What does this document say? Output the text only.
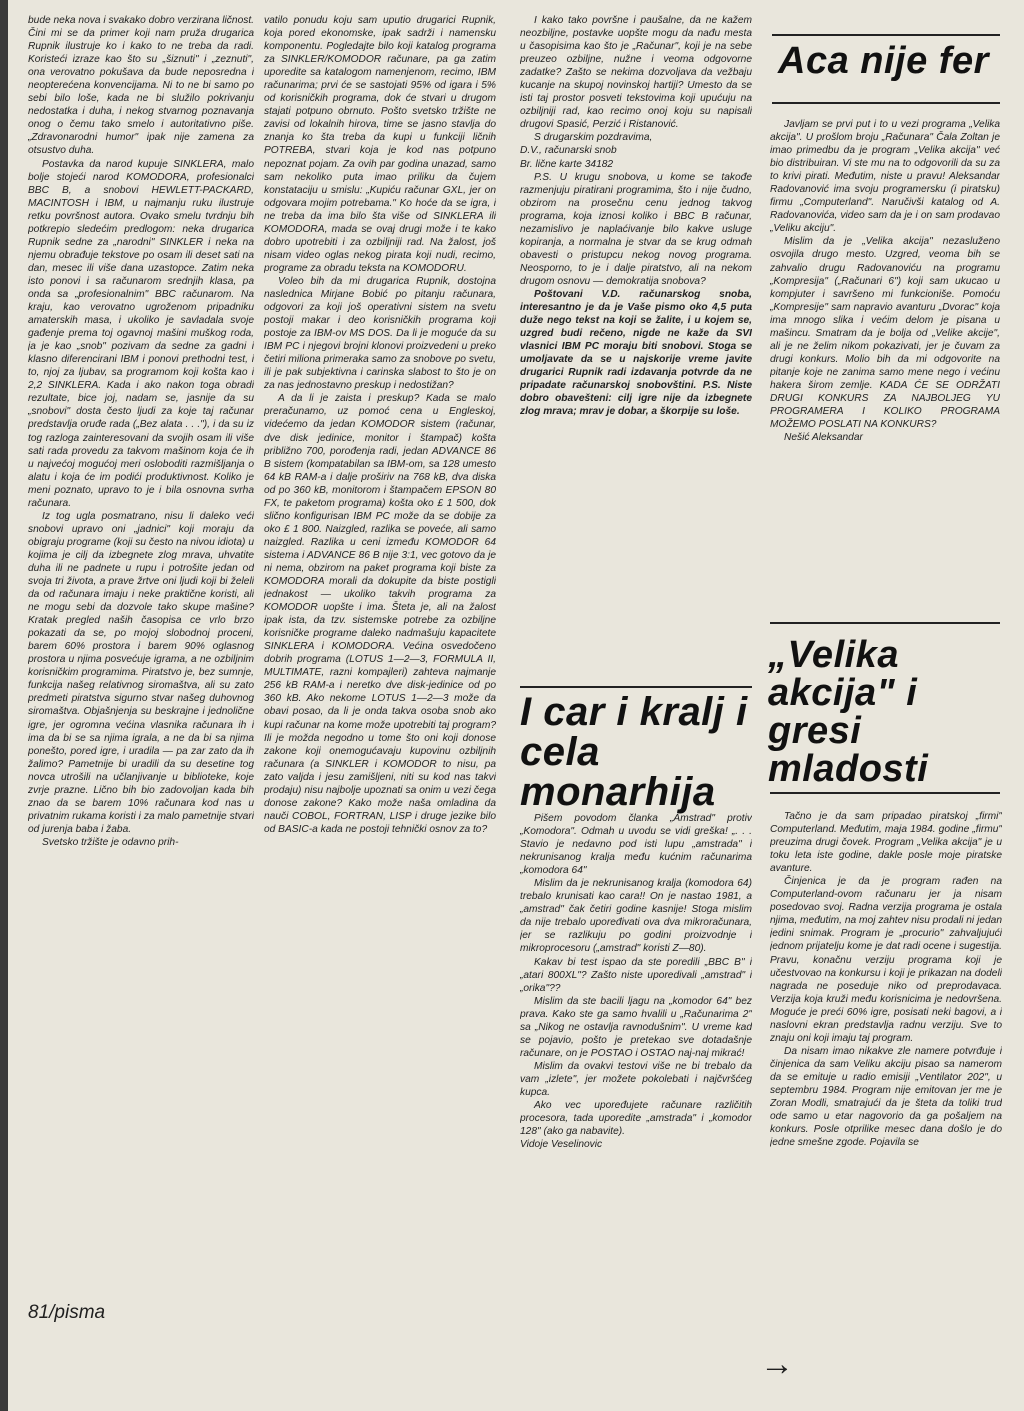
bude neka nova i svakako dobro verzirana ličnost. Čini mi se da primer koji nam pruža drugarica Rupnik ilustruje ko i kako to ne treba da radi. Koristeći izraze kao što su „šiznuti" i „zeznuti", ona verovatno pokušava da bude neposredna i neopterećena konvencijama. Ni to ne bi samo po sebi bilo loše, kada ne bi služilo pokrivanju nedostatka i duha, i nekog stvarnog poznavanja onog o čemu tako smelo i autoritativno piše. „Zdravonarodni humor" ipak nije zamena za otsustvo duha.

Postavka da narod kupuje SINKLERA, malo bolje stojeći narod KOMODORA, profesionalci BBC B, a snobovi HEWLETT-PACKARD, MACINTOSH i IBM, u najmanju ruku ilustruje retku površnost autora. Ovako smelu tvrdnju bih potkrepio sledećim predlogom: neka drugarica Rupnik sedne za „narodni" SINKLER i neka na njemu obrađuje tekstove po osam ili deset sati na dan, mesec ili više dana uzastopce. Zatim neka isto ponovi i sa računarom srednjih klasa, pa onda sa „profesionalnim" BBC računarom. Na kraju, kao verovatno ugroženom pripadniku amaterskih masa, i ukoliko je savladala svoje gađenje prema toj ogavnoj mašini muškog roda, ja je kao „snob" pozivam da sedne za gadni i klasno diferencirani IBM i ponovi prethodni test, i to, njoj za ljubav, sa programom koji košta kao i 2,2 SINKLERA. Kada i ako nakon toga obradi rezultate, bice joj, nadam se, jasnije da su „snobovi" dosta često ljudi za koje taj računar predstavlja oruđe rada („Bez alata . . ."), i da su iz tog razloga zainteresovani da svojih osam ili više sati rada provedu za takvom mašinom koja će ih u najvećoj mogućoj meri osloboditi razmišljanja o alatu i koja će im podići produktivnost. Koliko je meni poznato, upravo to je i bila osnovna svrha računara.

Iz tog ugla posmatrano, nisu li daleko veći snobovi upravo oni „jadnici" koji moraju da obigraju programe (koji su često na nivou idiota) u kojima je cilj da izbegnete zlog mrava, uhvatite duha ili ne padnete u rupu i potrošite jedan od svoja tri života, a prave žrtve oni ljudi koji bi želeli da od računara imaju i neke praktične koristi, ali ne mogu sebi da dozvole tako skupe mašine? Kratak pregled naših časopisa ce vrlo brzo pokazati da se, po mojoj slobodnoj proceni, barem 60% prostora i barem 90% oglasnog prostora u njima posvećuje igrama, a ne ozbiljnim korisničkim programima. Piratstvo je, bez sumnje, funkcija našeg relativnog siromaštva, ali su zato predmeti piratstva sigurno stvar našeg duhovnog siromaštva. Objašnjenja su beskrajne i jednolične igre, jer ogromna većina vlasnika računara ih i ima da bi se sa njima igrala, a ne da bi sa njima ponešto, pored igre, i uradila — pa zar zato da ih žalimo? Pametnije bi uradili da su desetine tog novca utrošili na učlanjivanje u biblioteke, koje zvrje prazne. Lično bih bio zadovoljan kada bih znao da se barem 10% računara kod nas u privatnim rukama koristi i za malo pametnije stvari od jurenja baba i žaba.

Svetsko tržište je odavno prih-

vatilo ponudu koju sam uputio drugarici Rupnik, koja pored ekonomske, ipak sadrži i namensku komponentu. Pogledajte bilo koji katalog programa za SINKLER/KOMODOR računare, pa ga zatim uporedite sa katalogom namenjenom, recimo, IBM računarima; prvi će se sastojati 95% od igara i 5% od korisničkih programa, dok će stvari u drugom stajati potpuno obrnuto. Pošto svetsko tržište ne zavisi od lokalnih hirova, time se jasno stavlja do znanja ko šta treba da kupi u funkciji ličnih POTREBA, stvari koja je kod nas potpuno nepoznat pojam. Za ovih par godina unazad, samo sam nekoliko puta imao priliku da čujem konstataciju u smislu: „Kupiću računar GXL, jer on odgovara mojim potrebama." Ko hoće da se igra, i ne treba da ima bilo šta više od SINKLERA ili KOMODORA, mada se ovaj drugi može i te kako dobro upotrebiti i za ozbiljniji rad. Na žalost, još nisam video oglas nekog pirata koji nudi, recimo, programe za obradu teksta na KOMODORU.

Voleo bih da mi drugarica Rupnik, dostojna naslednica Mirjane Bobić po pitanju računara, odgovori za koji još operativni sistem na svetu postoji makar i deo korisničkih programa koji postoje za IBM-ov MS DOS. Da li je moguće da su IBM PC i njegovi brojni klonovi proizvedeni u preko četiri miliona primeraka samo za snobove po svetu, ili je pak subjektivna i carinska slabost to što je on za nas jednostavno preskup i nedostižan?

A da li je zaista i preskup? Kada se malo preračunamo, uz pomoć cena u Engleskoj, videćemo da jedan KOMODOR sistem (računar, dve disk jedinice, monitor i štampač) košta približno 700, porođenja radi, jedan ADVANCE 86 B sistem (kompatabilan sa IBM-om, sa 128 umesto 64 kB RAM-a i dalje proširiv na 768 kB, dva diska od po 360 kB, monitorom i štampačem EPSON 80 FX, te paketom programa) košta oko £ 1 500, dok slično konfigurisan IBM PC može da se dobije za oko £ 1 800. Naizgled, razlika se poveće, ali samo naizgled. Razlika u ceni između KOMODOR 64 sistema i ADVANCE 86 B nije 3:1, vec gotovo da je ni nema, obzirom na paket programa koji biste za KOMODORA morali da dokupite da biste postigli jednakost — ukoliko takvih programa za KOMODOR uopšte i ima. Šteta je, ali na žalost ipak ista, da tzv. sistemske potrebe za ozbiljne korisničke programe daleko nadmašuju kapacitete SINKLERA i KOMODORA. Većina osvedočeno dobrih programa (LOTUS 1—2—3, FORMULA II, MULTIMATE, razni kompajleri) zahteva najmanje 256 kB RAM-a i neretko dve disk-jedinice od po 360 kB. Ako nekome LOTUS 1—2—3 može da obavi posao, da li je onda takva osoba snob ako kupi računar na kome može upotrebiti taj program? Ili je možda negodno u tome što oni koji donose zakone koji onemogućavaju kupovinu ozbiljnih računara (a SINKLER i KOMODOR to nisu, pa zato valjda i jesu zamišljeni, niti su kod nas takvi prodaju) nisu najbolje upoznati sa onim u vezi čega donose zakone? Kako može naša omladina da nauči COBOL, FORTRAN, LISP i druge jezike bilo od BASIC-a kada ne postoji tehnički osnov za to?

I kako tako površne i paušalne, da ne kažem neozbiljne, postavke uopšte mogu da nađu mesta u časopisima kao što je „Računar", koji je na sebe preuzeo ozbiljne, nužne i veoma odgovorne zadatke? Zašto se nekima dozvoljava da vežbaju kucanje na skupoj novinskoj hartiji? Umesto da se isti taj prostor posveti tekstovima koji upućuju na ozbiljniji rad, kao recimo onoj koju su napisali drugovi Spasić, Perzić i Ristanović.

S drugarskim pozdravima,

D.V., računarski snob

Br. lične karte 34182

P.S. U krugu snobova, u kome se takođe razmenjuju piratirani programima, što i nije čudno, obzirom na prosečnu cenu jednog takvog programa, koja iznosi koliko i BBC B računar, nezamislivo je naplaćivanje bilo kakve usluge kopiranja, a normalna je stvar da se krug odmah obavesti o pristupcu nekog novog programa. Neosporno, to je i dalje piratstvo, ali na nekom drugom osnovu — demokratija snobova?

Poštovani V.D. računarskog snoba, interesantno je da je Vaše pismo oko 4,5 puta duže nego tekst na koji se žalite, i u kojem se, uzgred budi rečeno, nigde ne kaže da SVI vlasnici IBM PC moraju biti snobovi. Stoga se umoljavate da se u najskorije vreme javite drugarici Rupnik radi izdavanja potvrde da ne pripadate računarskoj snobovštini. P.S. Niste dobro obavešteni: cilj igre nije da izbegnete zlog mrava; mrav je dobar, a škorpije su loše.

I car i kralj i cela monarhija

Pišem povodom članka „Amstrad" protiv „Komodora". Odmah u uvodu se vidi greška! „. . . Stavio je nedavno pod isti lupu „amstrada" i nekrunisanog kralja među kućnim računarima „komodora 64"

Mislim da je nekrunisanog kralja (komodora 64) trebalo krunisati kao cara!! On je nastao 1981, a „amstrad" čak četiri godine kasnije! Stoga mislim da nije trebalo upoređivati ova dva mikroračunara, jer se razlikuju po godini proizvodnje i mikroprocesoru („amstrad" koristi Z—80).

Kakav bi test ispao da ste poredili „BBC B" i „atari 800XL"? Zašto niste uporedivali „amstrad" i „orika"??

Mislim da ste bacili ljagu na „komodor 64" bez prava. Kako ste ga samo hvalili u „Računarima 2" sa „Nikog ne ostavlja ravnodušnim". U vreme kad se pojavio, pošto je pretekao sve dotadašnje računare, on je POSTAO i OSTAO naj-naj mikrać!

Mislim da ovakvi testovi više ne bi trebalo da vam „izlete", jer možete pokolebati i najčvršćeg kupca.

Ako vec upoređujete računare različitih procesora, tada uporedite „amstrada" i „komodor 128" (ako ga nabavite).

Vidoje Veselinovic

Aca nije fer

Javljam se prvi put i to u vezi programa „Velika akcija". U prošlom broju „Računara" Čala Zoltan je imao primedbu da je program „Velika akcija" već bio distribuiran. Vi ste mu na to odgovorili da su za to krivi pirati. Međutim, niste u pravu! Aleksandar Radovanović ima svoju programersku (i piratsku) firmu „Computerland". Naručivši katalog od A. Radovanovića, video sam da je i on sam prodavao „Veliku akciju".

Mislim da je „Velika akcija" nezasluženo osvojila drugo mesto. Uzgred, veoma bih se zahvalio drugu Radovanoviću na programu „Kompresija" („Računari 6") koji sam ukucao u kompjuter i savršeno mi funkcioniše. Pomoću „Kompresije" sam napravio avanturu „Dvorac" koja ima mnogo slika i većim delom je pisana u mašincu. Smatram da je bolja od „Velike akcije", ali je ne želim nikom pokazivati, jer je čuvam za drugi konkurs. Molio bih da mi odgovorite na pitanje koje ne zanima samo mene nego i većinu hakera širom zemlje. KADA ĆE SE ODRŽATI DRUGI KONKURS ZA NAJBOLJEG YU PROGRAMERA I KOLIKO PROGRAMA MOŽEMO POSLATI NA KONKURS?

Nešić Aleksandar

„Velika akcija" i gresi mladosti

Tačno je da sam pripadao piratskoj „firmi" Computerland. Međutim, maja 1984. godine „firmu" preuzima drugi čovek. Program „Velika akcija" je u toku leta iste godine, dakle posle moje piratske avanture.

Činjenica je da je program rađen na Computerland-ovom računaru jer ja nisam posedovao svoj. Radna verzija programa je ostala njima, međutim, na moj zahtev nisu prodali ni jedan jedini snimak. Program je „procurio" zahvaljujući jednom prijatelju kome je dat radi ocene i sugestija. Pravu, konačnu verziju programa koji je učestvovao na konkursu i koji je prikazan na dodeli nagrada ne poseduje niko od preprodavaca. Verzija koja kruži među korisnicima je nedovršena. Moguće je preći 60% igre, posisati neki bagovi, a i naslovni ekran predstavlja radnu verziju. Sve to znaju oni koji imaju taj program.

Da nisam imao nikakve zle namere potvrđuje i činjenica da sam Veliku akciju pisao sa namerom da se emituje u radio emisiji „Ventilator 202", u septembru 1984. Program nije emitovan jer me je Zoran Modli, smatrajući da je šteta da toliki trud ode samo u etar nagovorio da ga pošaljem na konkurs. Posle otprilike mesec dana došlo je do jedne smešne zgode. Pojavila se

81/pisma
→
